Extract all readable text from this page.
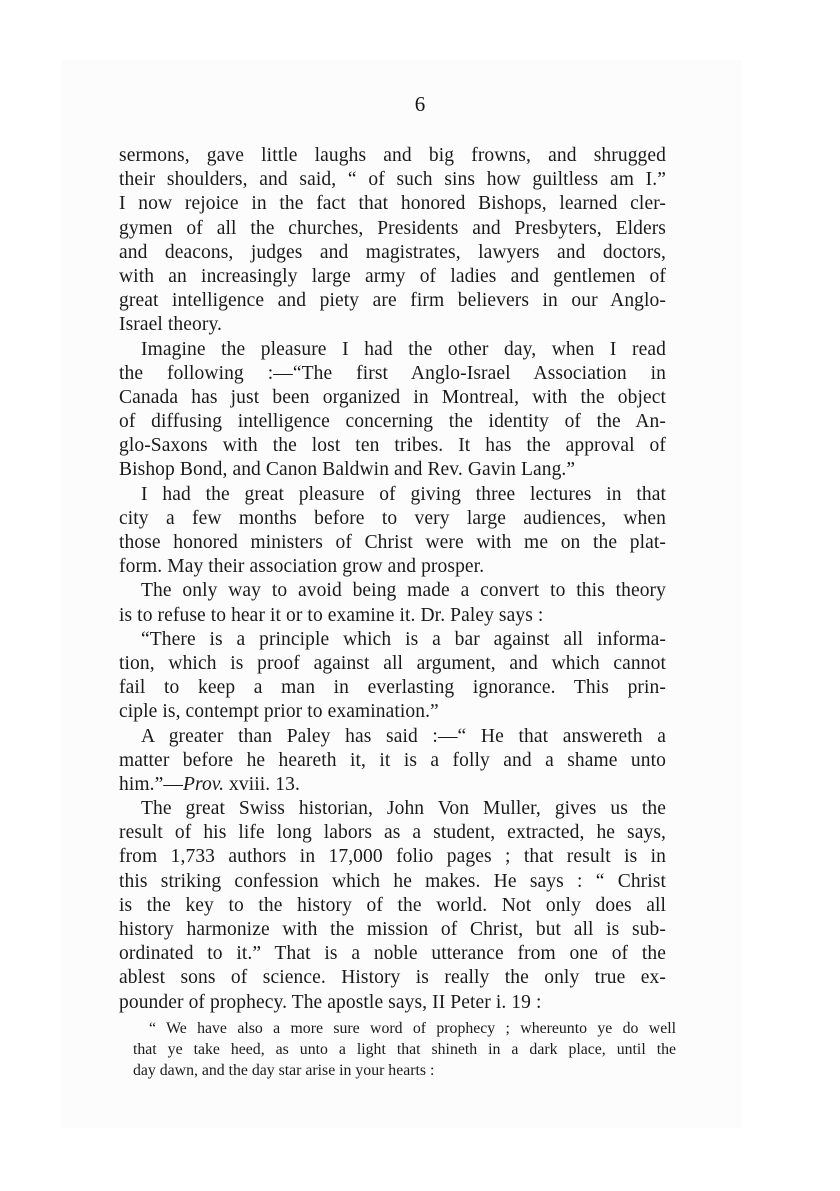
6
sermons, gave little laughs and big frowns, and shrugged
their shoulders, and said, “ of such sins how guiltless am I.”
I now rejoice in the fact that honored Bishops, learned cler-
gymen of all the churches, Presidents and Presbyters, Elders
and deacons, judges and magistrates, lawyers and doctors,
with an increasingly large army of ladies and gentlemen of
great intelligence and piety are firm believers in our Anglo-
Israel theory.
Imagine the pleasure I had the other day, when I read
the following :—“The first Anglo-Israel Association in
Canada has just been organized in Montreal, with the object
of diffusing intelligence concerning the identity of the An-
glo-Saxons with the lost ten tribes. It has the approval of
Bishop Bond, and Canon Baldwin and Rev. Gavin Lang.”
I had the great pleasure of giving three lectures in that
city a few months before to very large audiences, when
those honored ministers of Christ were with me on the plat-
form. May their association grow and prosper.
The only way to avoid being made a convert to this theory
is to refuse to hear it or to examine it. Dr. Paley says :
“There is a principle which is a bar against all informa-
tion, which is proof against all argument, and which cannot
fail to keep a man in everlasting ignorance. This prin-
ciple is, contempt prior to examination.”
A greater than Paley has said :—“ He that answereth a
matter before he heareth it, it is a folly and a shame unto
him.”—Prov. xviii. 13.
The great Swiss historian, John Von Muller, gives us the
result of his life long labors as a student, extracted, he says,
from 1,733 authors in 17,000 folio pages ; that result is in
this striking confession which he makes. He says : “ Christ
is the key to the history of the world. Not only does all
history harmonize with the mission of Christ, but all is sub-
ordinated to it.” That is a noble utterance from one of the
ablest sons of science. History is really the only true ex-
pounder of prophecy. The apostle says, II Peter i. 19 :
“ We have also a more sure word of prophecy ; whereunto ye do well
that ye take heed, as unto a light that shineth in a dark place, until the
day dawn, and the day star arise in your hearts :
